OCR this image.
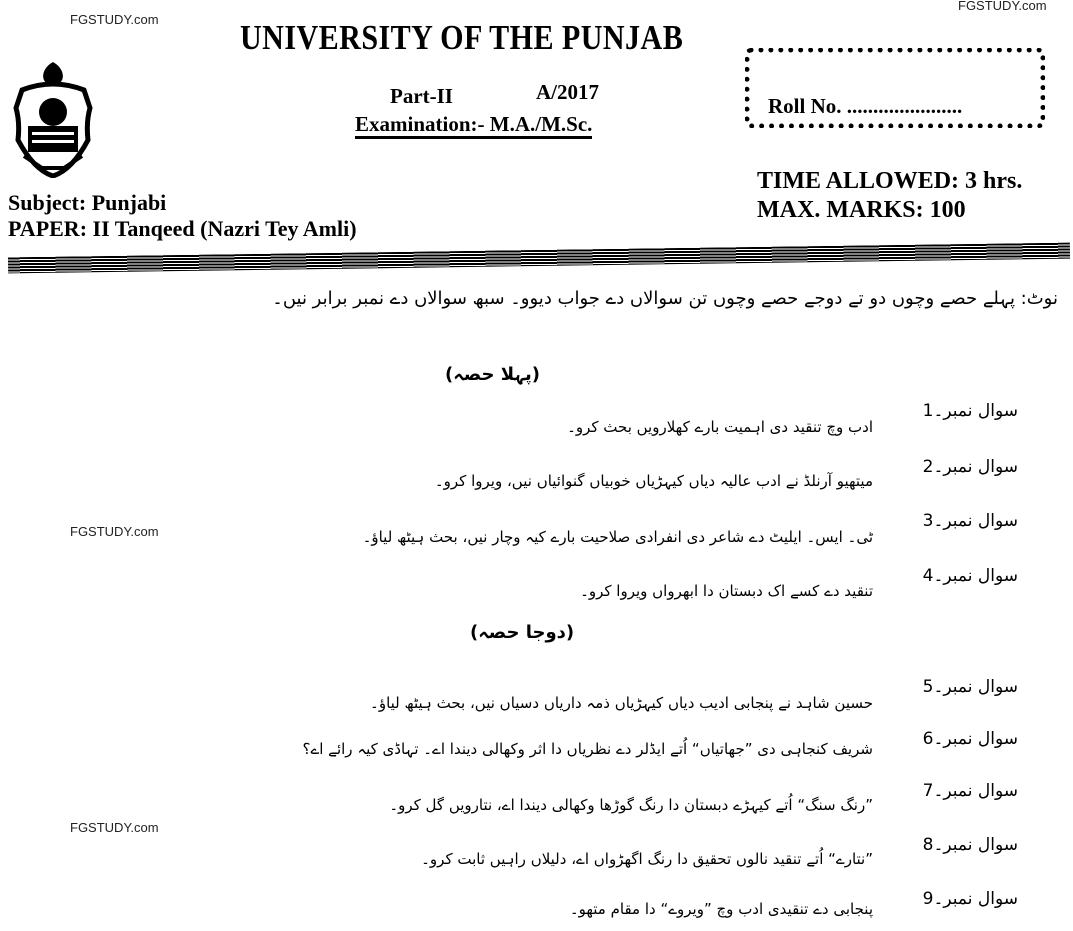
FGSTUDY.com
FGSTUDY.com
FGSTUDY.com
FGSTUDY.com
UNIVERSITY OF THE PUNJAB
Part-II	A/2017
Examination:- M.A./M.Sc.
Roll No. ......................
TIME ALLOWED: 3 hrs.
MAX. MARKS: 100
Subject: Punjabi
PAPER: II Tanqeed (Nazri Tey Amli)
نوٹ: پہلے حصے وچوں دو تے دوجے حصے وچوں تن سوالاں دے جواب دیوو۔ سبھ سوالاں دے نمبر برابر نیں۔
(پہلا حصہ)
سوال نمبر۔1
ادب وچ تنقید دی اہمیت بارے کھلارویں بحث کرو۔
سوال نمبر۔2
میتھیو آرنلڈ نے ادب عالیہ دیاں کیہڑیاں خوبیاں گنوائیاں نیں، ویروا کرو۔
سوال نمبر۔3
ٹی۔ ایس۔ ایلیٹ دے شاعر دی انفرادی صلاحیت بارے کیہ وچار نیں، بحث ہیٹھ لیاؤ۔
سوال نمبر۔4
تنقید دے کسے اک دبستان دا ابھرواں ویروا کرو۔
(دوجا حصہ)
سوال نمبر۔5
حسین شاہد نے پنجابی ادیب دیاں کیہڑیاں ذمہ داریاں دسیاں نیں، بحث ہیٹھ لیاؤ۔
سوال نمبر۔6
شریف کنجاہی دی ”جھاتیاں“ اُتے ایڈلر دے نظریاں دا اثر وکھالی دیندا اے۔ تہاڈی کیہ رائے اے؟
سوال نمبر۔7
”رنگ سنگ“ اُتے کیہڑے دبستان دا رنگ گوڑھا وکھالی دیندا اے، نتارویں گل کرو۔
سوال نمبر۔8
”نتارے“ اُتے تنقید نالوں تحقیق دا رنگ اگھڑواں اے، دلیلاں راہیں ثابت کرو۔
سوال نمبر۔9
پنجابی دے تنقیدی ادب وچ ”ویروے“ دا مقام متھو۔
